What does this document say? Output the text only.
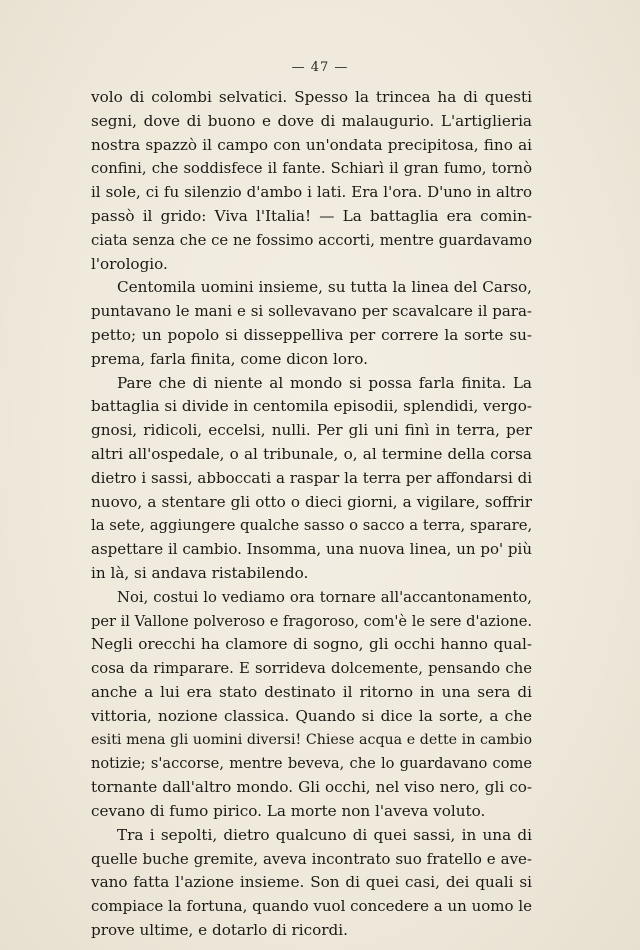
— 47 —

volo di colombi selvatici. Spesso la trincea ha di questi
segni, dove di buono e dove di malaugurio. L'artiglieria
nostra spazzò il campo con un'ondata precipitosa, fino ai
confini, che soddisfece il fante. Schiarì il gran fumo, tornò
il sole, ci fu silenzio d'ambo i lati. Era l'ora. D'uno in altro
passò il grido: Viva l'Italia! — La battaglia era comin-
ciata senza che ce ne fossimo accorti, mentre guardavamo
l'orologio.

Centomila uomini insieme, su tutta la linea del Carso,
puntavano le mani e si sollevavano per scavalcare il para-
petto; un popolo si disseppelliva per correre la sorte su-
prema, farla finita, come dicon loro.

Pare che di niente al mondo si possa farla finita. La
battaglia si divide in centomila episodii, splendidi, vergo-
gnosi, ridicoli, eccelsi, nulli. Per gli uni finì in terra, per
altri all'ospedale, o al tribunale, o, al termine della corsa
dietro i sassi, abboccati a raspar la terra per affondarsi di
nuovo, a stentare gli otto o dieci giorni, a vigilare, soffrir
la sete, aggiungere qualche sasso o sacco a terra, sparare,
aspettare il cambio. Insomma, una nuova linea, un po' più
in là, si andava ristabilendo.

Noi, costui lo vediamo ora tornare all'accantonamento,
per il Vallone polveroso e fragoroso, com'è le sere d'azione.
Negli orecchi ha clamore di sogno, gli occhi hanno qual-
cosa da rimparare. E sorrideva dolcemente, pensando che
anche a lui era stato destinato il ritorno in una sera di
vittoria, nozione classica. Quando si dice la sorte, a che
esiti mena gli uomini diversi! Chiese acqua e dette in cambio
notizie; s'accorse, mentre beveva, che lo guardavano come
tornante dall'altro mondo. Gli occhi, nel viso nero, gli co-
cevano di fumo pirico. La morte non l'aveva voluto.

Tra i sepolti, dietro qualcuno di quei sassi, in una di
quelle buche gremite, aveva incontrato suo fratello e ave-
vano fatta l'azione insieme. Son di quei casi, dei quali si
compiace la fortuna, quando vuol concedere a un uomo le
prove ultime, e dotarlo di ricordi.
